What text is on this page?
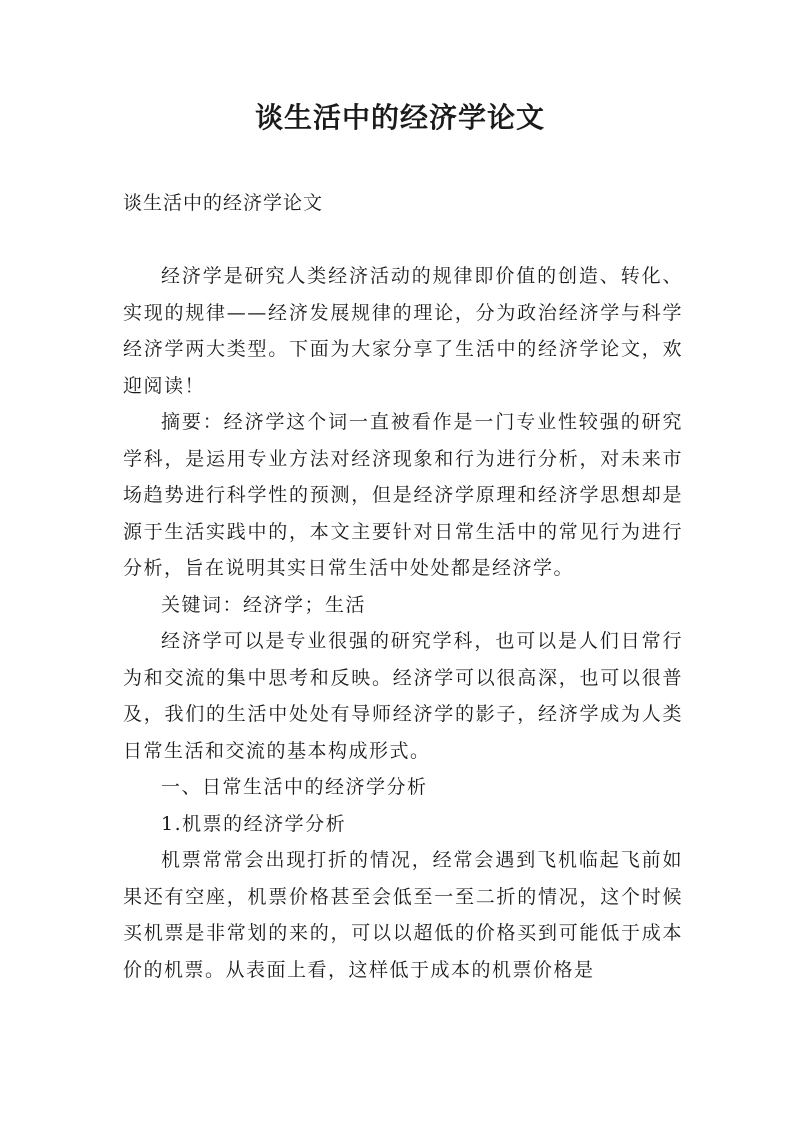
谈生活中的经济学论文
谈生活中的经济学论文

经济学是研究人类经济活动的规律即价值的创造、转化、实现的规律——经济发展规律的理论，分为政治经济学与科学经济学两大类型。下面为大家分享了生活中的经济学论文，欢迎阅读！

摘要：经济学这个词一直被看作是一门专业性较强的研究学科，是运用专业方法对经济现象和行为进行分析，对未来市场趋势进行科学性的预测，但是经济学原理和经济学思想却是源于生活实践中的，本文主要针对日常生活中的常见行为进行分析，旨在说明其实日常生活中处处都是经济学。

关键词：经济学；生活

经济学可以是专业很强的研究学科，也可以是人们日常行为和交流的集中思考和反映。经济学可以很高深，也可以很普及，我们的生活中处处有导师经济学的影子，经济学成为人类日常生活和交流的基本构成形式。

一、日常生活中的经济学分析

1.机票的经济学分析

机票常常会出现打折的情况，经常会遇到飞机临起飞前如果还有空座，机票价格甚至会低至一至二折的情况，这个时候买机票是非常划的来的，可以以超低的价格买到可能低于成本价的机票。从表面上看，这样低于成本的机票价格是
